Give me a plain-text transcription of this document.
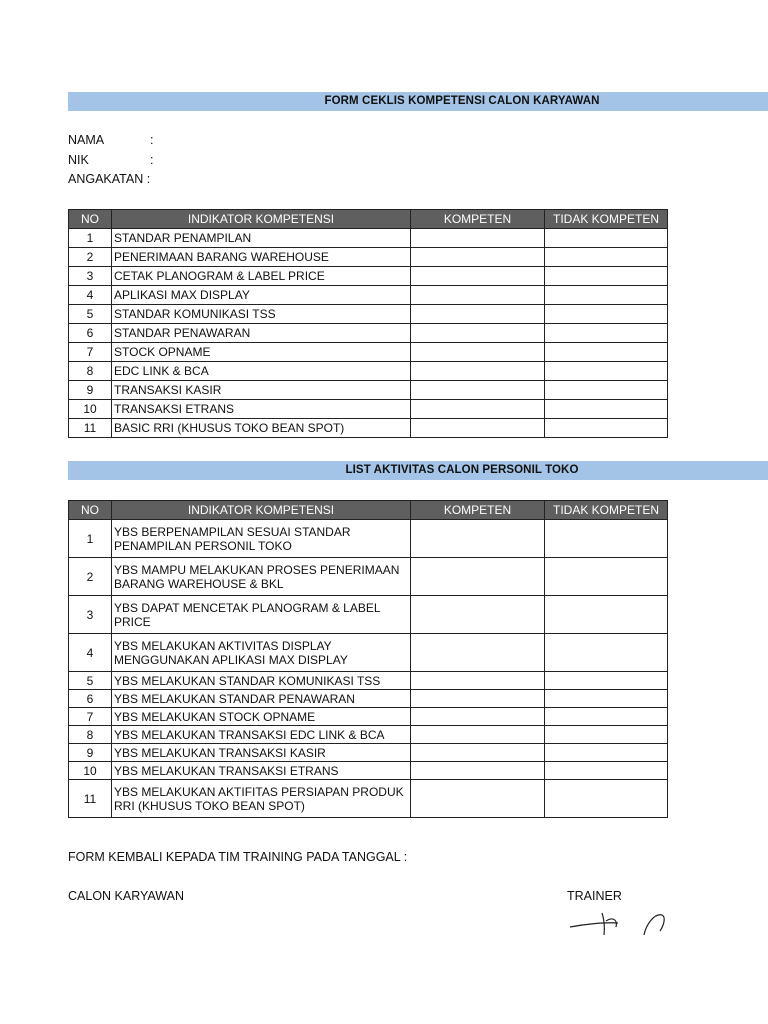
FORM CEKLIS KOMPETENSI CALON KARYAWAN
NAMA	:
NIK	:
ANGAKATAN :
NO	INDIKATOR KOMPETENSI	KOMPETEN	TIDAK KOMPETEN
1	STANDAR PENAMPILAN		
2	PENERIMAAN BARANG WAREHOUSE		
3	CETAK PLANOGRAM & LABEL PRICE		
4	APLIKASI MAX DISPLAY		
5	STANDAR KOMUNIKASI TSS		
6	STANDAR PENAWARAN		
7	STOCK OPNAME		
8	EDC LINK & BCA		
9	TRANSAKSI KASIR		
10	TRANSAKSI ETRANS		
11	BASIC RRI (KHUSUS TOKO BEAN SPOT)		
LIST AKTIVITAS CALON PERSONIL TOKO
NO	INDIKATOR KOMPETENSI	KOMPETEN	TIDAK KOMPETEN
1	YBS BERPENAMPILAN SESUAI STANDAR PENAMPILAN PERSONIL TOKO		
2	YBS MAMPU MELAKUKAN PROSES PENERIMAAN BARANG WAREHOUSE & BKL		
3	YBS DAPAT MENCETAK PLANOGRAM & LABEL PRICE		
4	YBS MELAKUKAN AKTIVITAS DISPLAY MENGGUNAKAN APLIKASI MAX DISPLAY		
5	YBS MELAKUKAN STANDAR KOMUNIKASI TSS		
6	YBS MELAKUKAN STANDAR PENAWARAN		
7	YBS MELAKUKAN STOCK OPNAME		
8	YBS MELAKUKAN TRANSAKSI EDC LINK & BCA		
9	YBS MELAKUKAN TRANSAKSI KASIR		
10	YBS MELAKUKAN TRANSAKSI ETRANS		
11	YBS MELAKUKAN AKTIFITAS PERSIAPAN PRODUK RRI (KHUSUS TOKO BEAN SPOT)		
FORM KEMBALI KEPADA TIM TRAINING PADA TANGGAL :
CALON KARYAWAN	TRAINER
